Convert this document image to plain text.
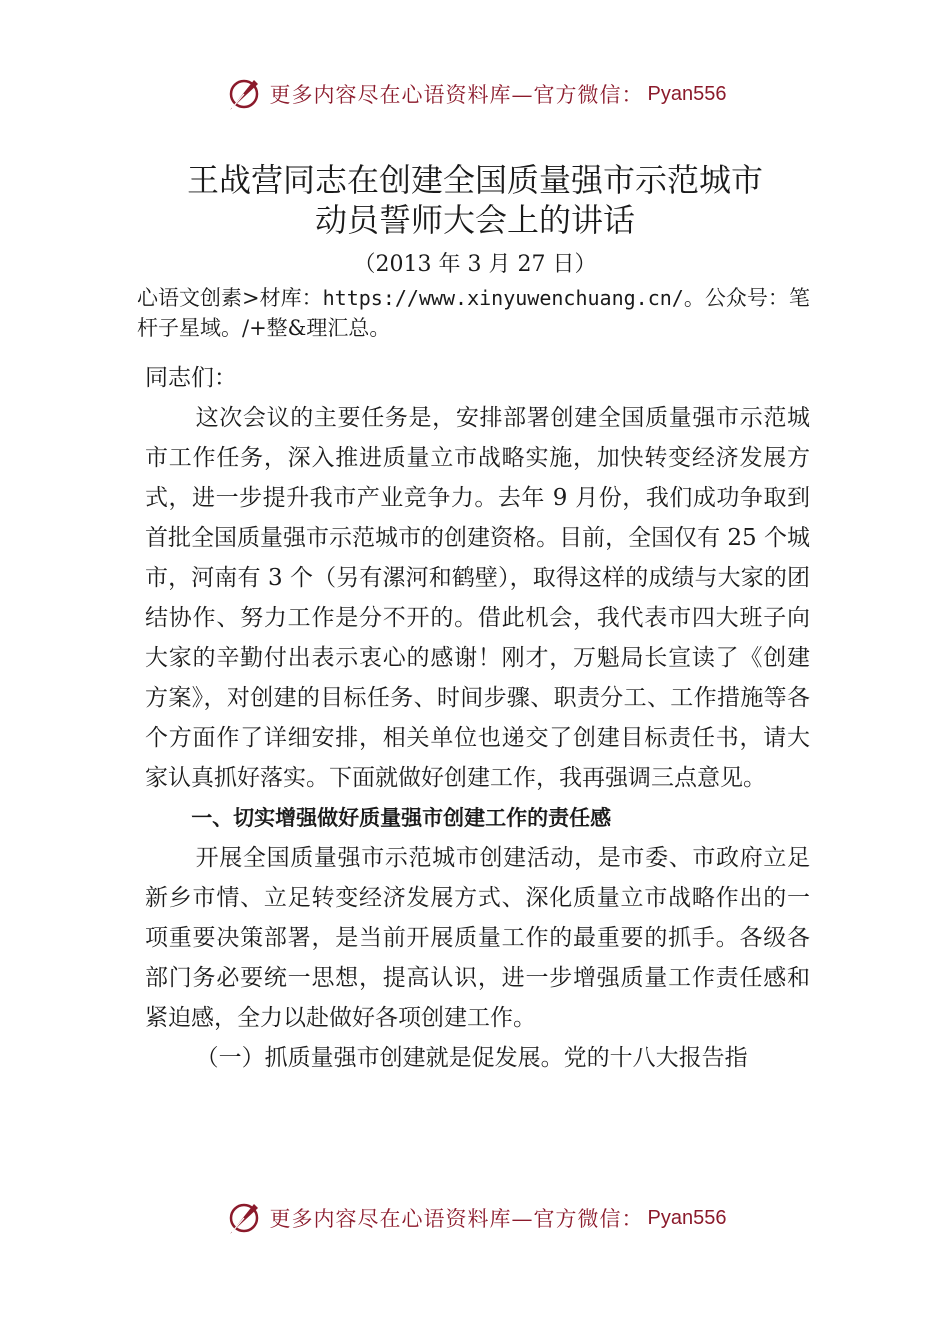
更多内容尽在心语资料库—官方微信： Pyan556
王战营同志在创建全国质量强市示范城市
动员誓师大会上的讲话
（2013 年 3 月 27 日）
心语文创素>材库：https://www.xinyuwenchuang.cn/。公众号：笔杆子星域。/+整&理汇总。

同志们：

这次会议的主要任务是，安排部署创建全国质量强市示范城市工作任务，深入推进质量立市战略实施，加快转变经济发展方式，进一步提升我市产业竞争力。去年 9 月份，我们成功争取到首批全国质量强市示范城市的创建资格。目前，全国仅有 25 个城市，河南有 3 个（另有漯河和鹤壁），取得这样的成绩与大家的团结协作、努力工作是分不开的。借此机会，我代表市四大班子向大家的辛勤付出表示衷心的感谢！刚才，万魁局长宣读了《创建方案》，对创建的目标任务、时间步骤、职责分工、工作措施等各个方面作了详细安排，相关单位也递交了创建目标责任书，请大家认真抓好落实。下面就做好创建工作，我再强调三点意见。

一、切实增强做好质量强市创建工作的责任感

开展全国质量强市示范城市创建活动，是市委、市政府立足新乡市情、立足转变经济发展方式、深化质量立市战略作出的一项重要决策部署，是当前开展质量工作的最重要的抓手。各级各部门务必要统一思想，提高认识，进一步增强质量工作责任感和紧迫感，全力以赴做好各项创建工作。

（一）抓质量强市创建就是促发展。党的十八大报告指

更多内容尽在心语资料库—官方微信： Pyan556
